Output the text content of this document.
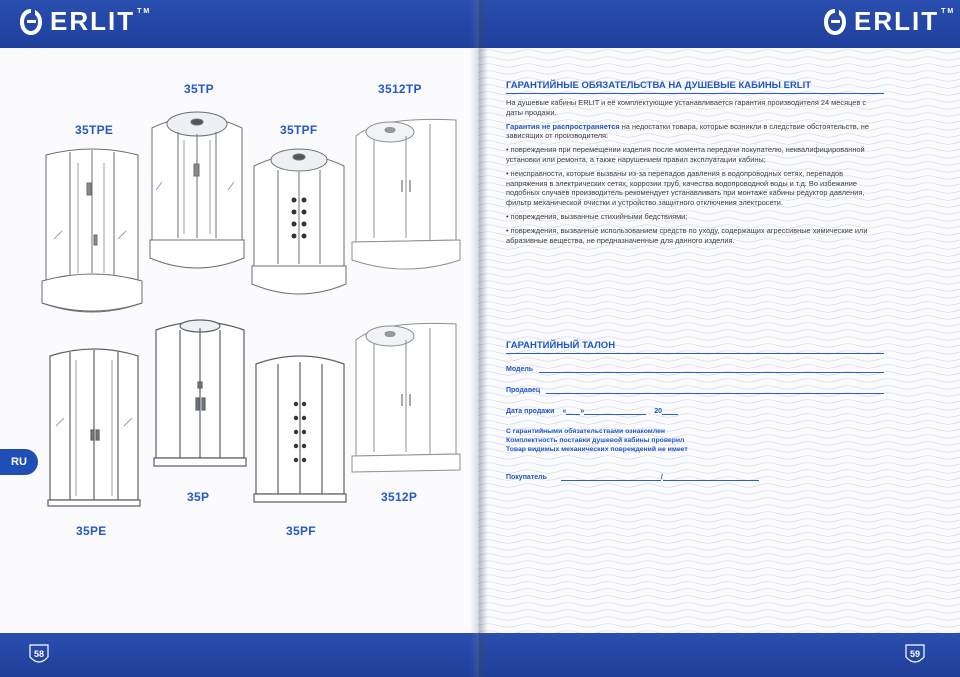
ERLIT TM
35TP	3512TP
35TPE	35TPF
35P	3512P
35PE	35PF
RU
58
ERLIT TM
ГАРАНТИЙНЫЕ ОБЯЗАТЕЛЬСТВА НА ДУШЕВЫЕ КАБИНЫ ERLIT

На душевые кабины ERLIT и её комплектующие устанавливается гарантия производителя 24 месяцев с даты продажи.

Гарантия не распространяется на недостатки товара, которые возникли в следствие обстоятельств, не зависящих от производителя:

• повреждения при перемещении изделия после момента передачи покупателю, неквалифицированной установки или ремонта, а также нарушением правил эксплуатации кабины;

• неисправности, которые вызваны из-за перепадов давления в водопроводных сетях, перепадов напряжения в электрических сетях, коррозии труб, качества водопроводной воды и т.д. Во избежание подобных случаев производитель рекомендует устанавливать при монтаже кабины редуктор давления, фильтр механической очистки и устройство защитного отключения электросети.

• повреждения, вызванные стихийными бедствиями;

• повреждения, вызванные использованием средств по уходу, содержащих агрессивные химические или абразивные вещества, не предназначенные для данного изделия.

ГАРАНТИЙНЫЙ ТАЛОН
Модель
Продавец
Дата продажи « »	20
С гарантийными обязательствами ознакомлен
Комплектность поставки душевой кабины проверил
Товар видимых механических повреждений не имеет
Покупатель	/
59
